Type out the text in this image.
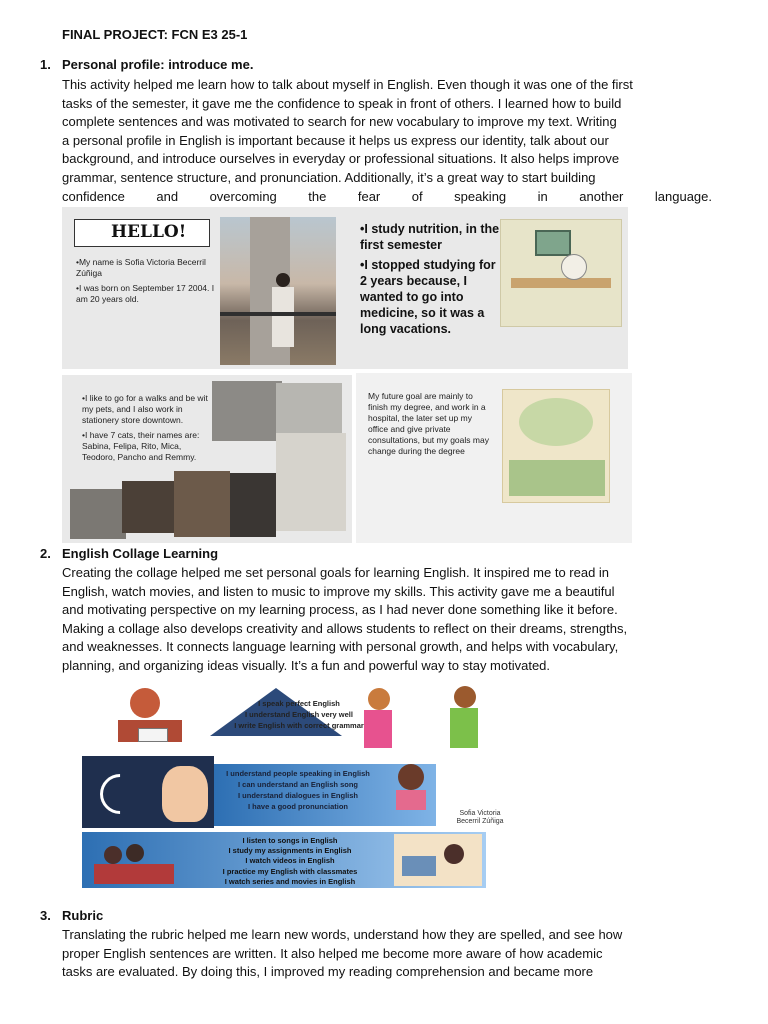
FINAL PROJECT: FCN E3 25-1
1. Personal profile: introduce me.
This activity helped me learn how to talk about myself in English. Even though it was one of the first
tasks of the semester, it gave me the confidence to speak in front of others. I learned how to build
complete sentences and was motivated to search for new vocabulary to improve my text. Writing
a personal profile in English is important because it helps us express our identity, talk about our
background, and introduce ourselves in everyday or professional situations. It also helps improve
grammar, sentence structure, and pronunciation. Additionally, it’s a great way to start building
confidence and overcoming the fear of speaking in another language.
HELLO!
•My name is Sofia Victoria Becerril Zúñiga
•I was born on September 17 2004. I am 20 years old.
•I study nutrition, in the first semester
•I stopped studying for 2 years because, I wanted to go into medicine, so it was a long vacations.
•I like to go for a walks and be wit my pets, and I also work in stationery store downtown.
•I have 7 cats, their names are: Sabina, Felipa, Rito, Mica, Teodoro, Pancho and Remmy.
My future goal are mainly to finish my degree, and work in a hospital, the later set up my office and give private consultations, but my goals may change during the degree
2. English Collage Learning
Creating the collage helped me set personal goals for learning English. It inspired me to read in
English, watch movies, and listen to music to improve my skills. This activity gave me a beautiful
and motivating perspective on my learning process, as I had never done something like it before.
Making a collage also develops creativity and allows students to reflect on their dreams, strengths,
and weaknesses. It connects language learning with personal growth, and helps with vocabulary,
planning, and organizing ideas visually. It’s a fun and powerful way to stay motivated.
I speak perfect English
I understand English very well
I write English with correct grammar
I understand people speaking in English
I can understand an English song
I understand dialogues in English
I have a good pronunciation
Sofia Victoria
Becerril Zúñiga
I listen to songs in English
I study my assignments in English
I watch videos in English
I practice my English with classmates
I watch series and movies in English
3. Rubric
Translating the rubric helped me learn new words, understand how they are spelled, and see how
proper English sentences are written. It also helped me become more aware of how academic
tasks are evaluated. By doing this, I improved my reading comprehension and became more
